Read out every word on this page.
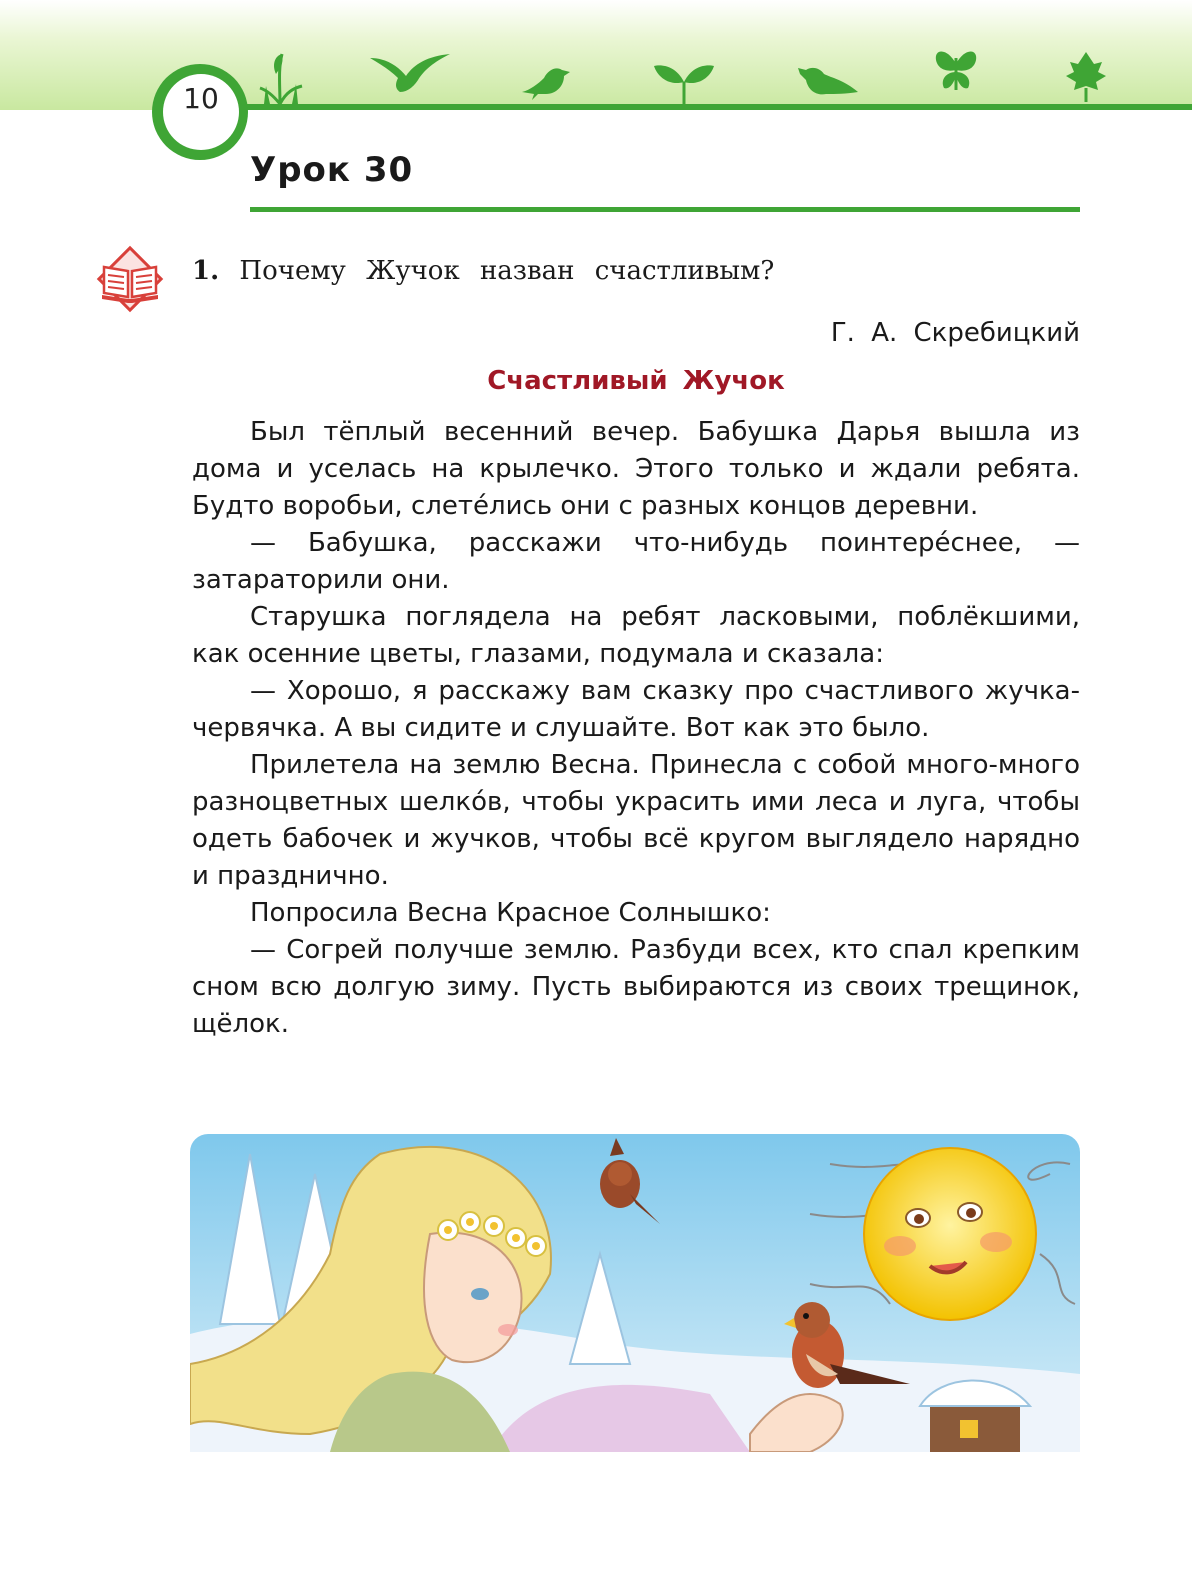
10
Урок 30
1. Почему Жучок назван счастливым?
Г. А. Скребицкий
Счастливый Жучок

Был тёплый весенний вечер. Бабушка Дарья вышла из дома и уселась на крылечко. Этого только и ждали ребята. Будто воробьи, слетéлись они с разных концов деревни.

— Бабушка, расскажи что-нибудь поинтерéснее, — затараторили они.

Старушка поглядела на ребят ласковыми, поблёкшими, как осенние цветы, глазами, подумала и сказала:

— Хорошо, я расскажу вам сказку про счастливого жучка-червячка. А вы сидите и слушайте. Вот как это было.

Прилетела на землю Весна. Принесла с собой много-много разноцветных шелкóв, чтобы украсить ими леса и луга, чтобы одеть бабочек и жучков, чтобы всё кругом выглядело нарядно и празднично.

Попросила Весна Красное Солнышко:

— Согрей получше землю. Разбуди всех, кто спал крепким сном всю долгую зиму. Пусть выбираются из своих трещинок, щёлок.
